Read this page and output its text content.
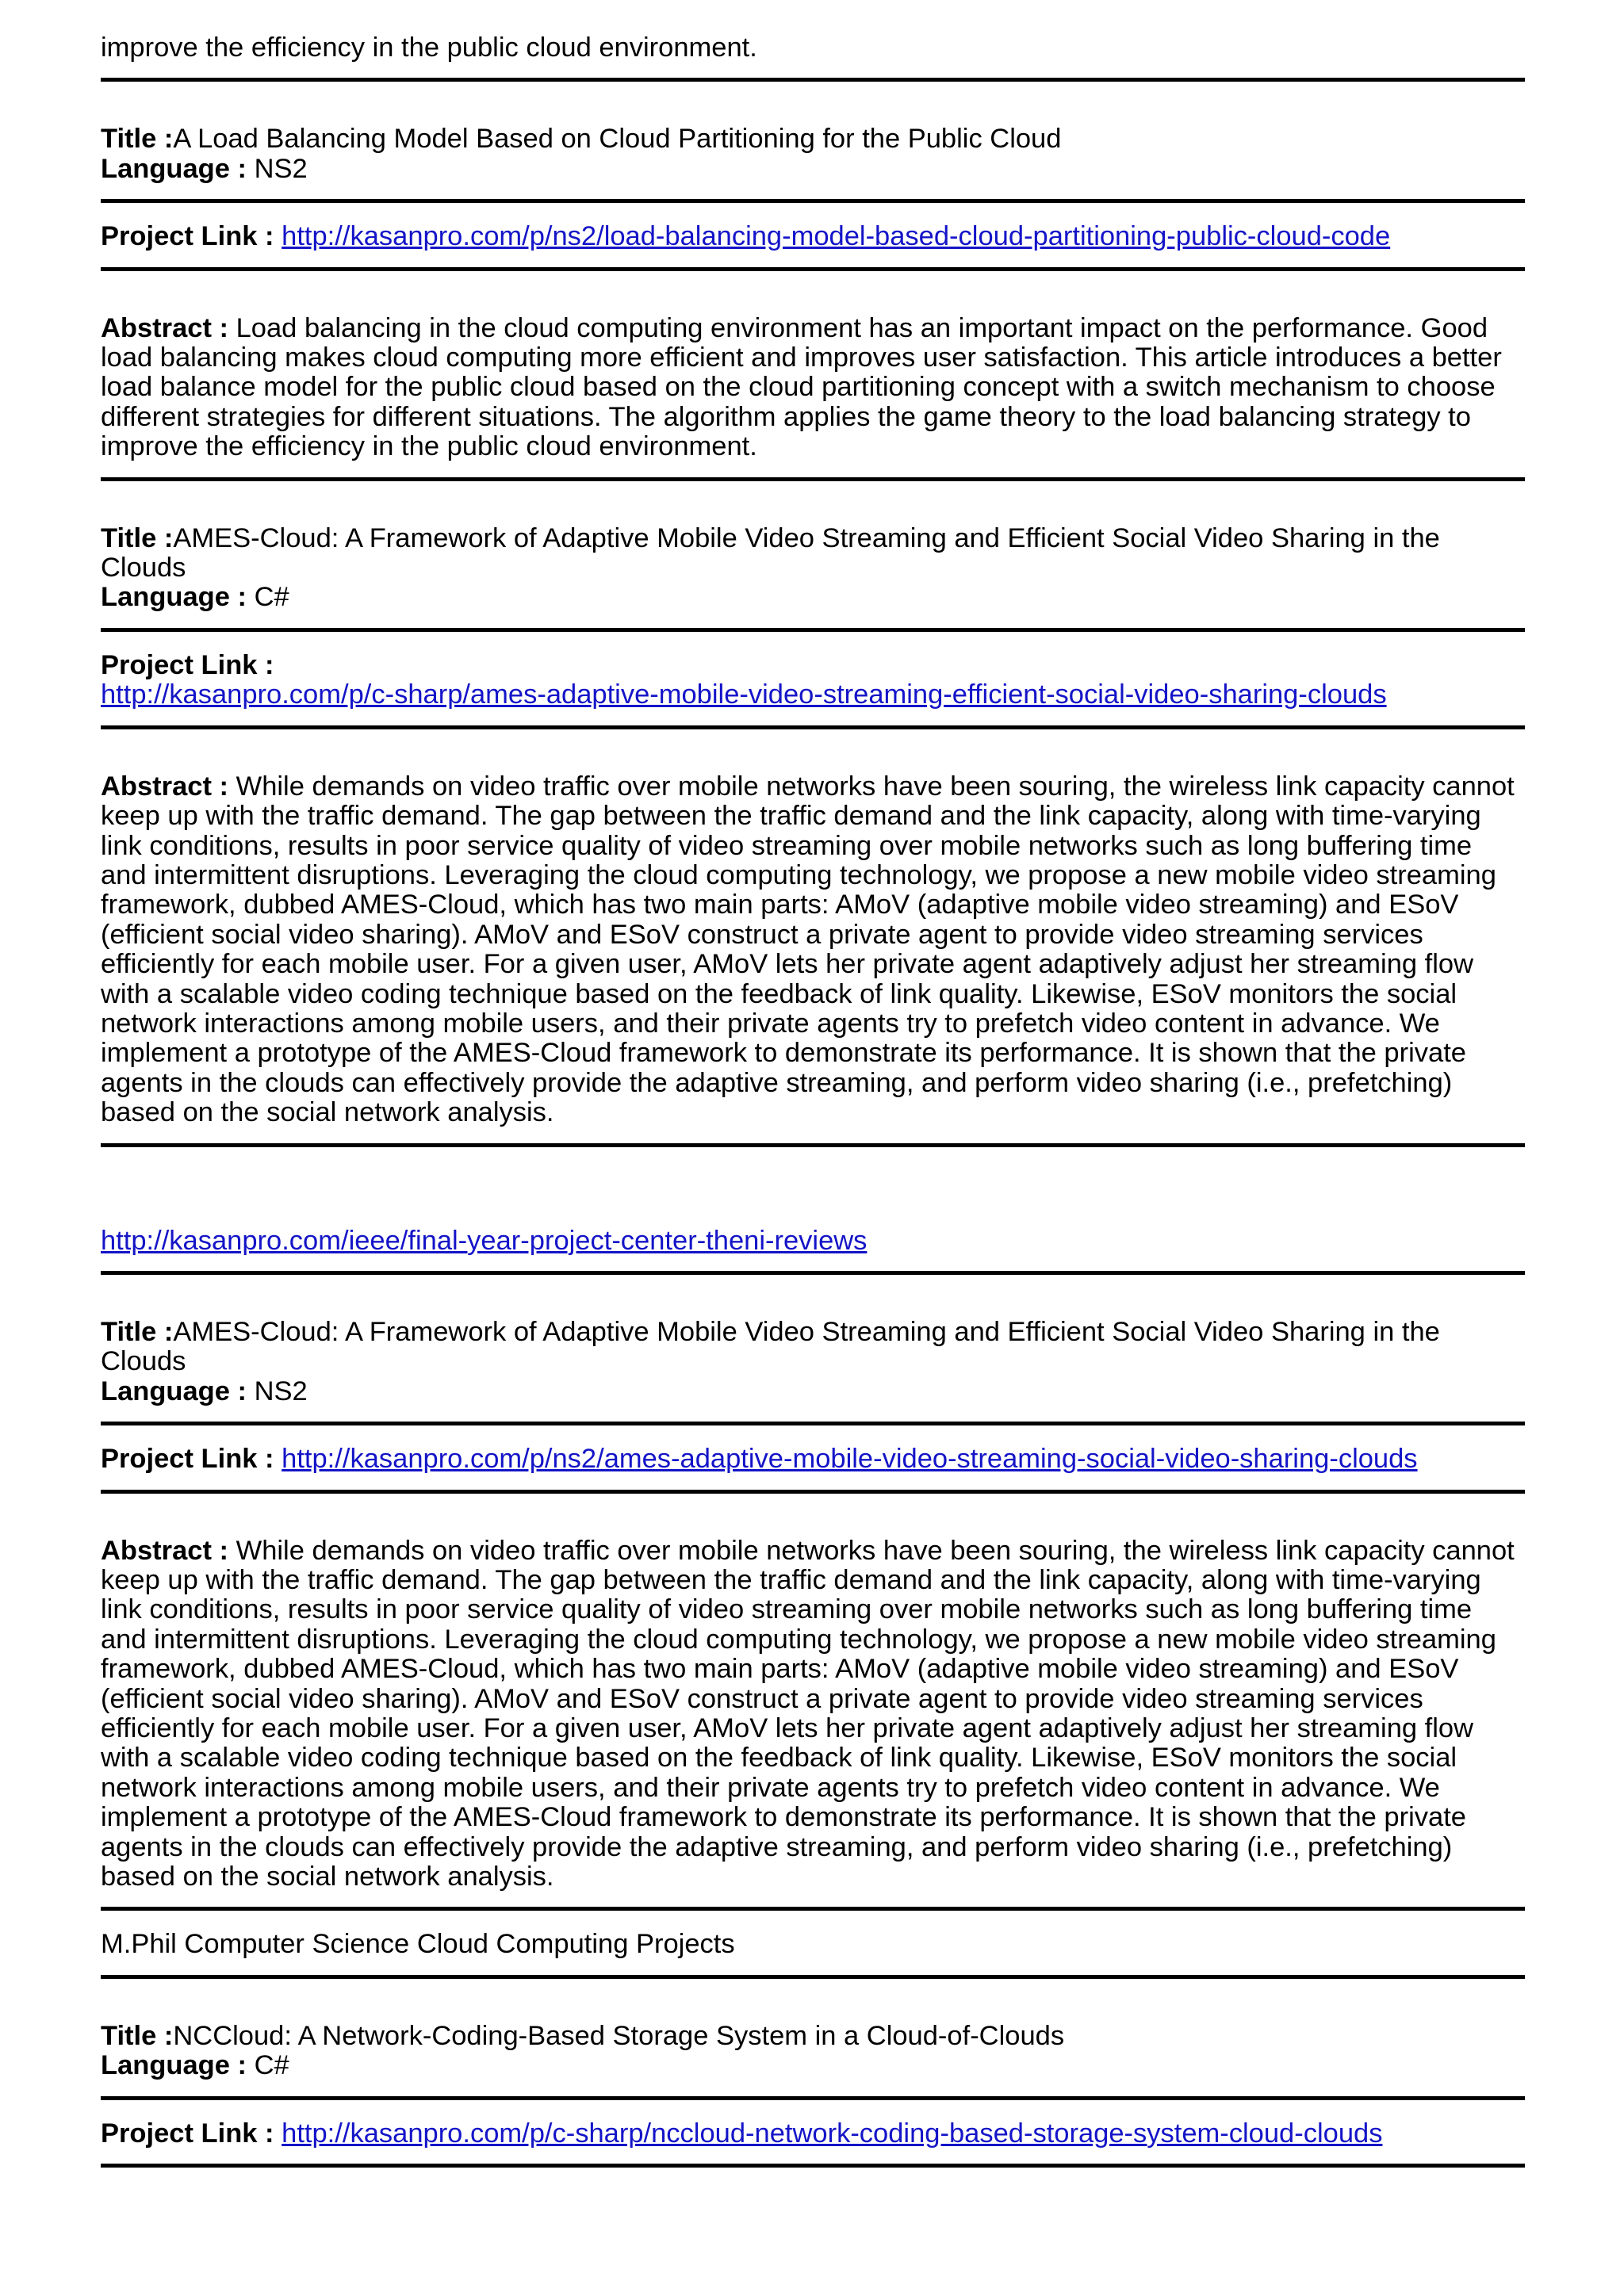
improve the efficiency in the public cloud environment.

Title :A Load Balancing Model Based on Cloud Partitioning for the Public Cloud

Language : NS2

Project Link : http://kasanpro.com/p/ns2/load-balancing-model-based-cloud-partitioning-public-cloud-code

Abstract : Load balancing in the cloud computing environment has an important impact on the performance. Good load balancing makes cloud computing more efficient and improves user satisfaction. This article introduces a better load balance model for the public cloud based on the cloud partitioning concept with a switch mechanism to choose different strategies for different situations. The algorithm applies the game theory to the load balancing strategy to improve the efficiency in the public cloud environment.

Title :AMES-Cloud: A Framework of Adaptive Mobile Video Streaming and Efficient Social Video Sharing in the Clouds

Language : C#

Project Link :
http://kasanpro.com/p/c-sharp/ames-adaptive-mobile-video-streaming-efficient-social-video-sharing-clouds

Abstract : While demands on video traffic over mobile networks have been souring, the wireless link capacity cannot keep up with the traffic demand. The gap between the traffic demand and the link capacity, along with time-varying link conditions, results in poor service quality of video streaming over mobile networks such as long buffering time and intermittent disruptions. Leveraging the cloud computing technology, we propose a new mobile video streaming framework, dubbed AMES-Cloud, which has two main parts: AMoV (adaptive mobile video streaming) and ESoV (efficient social video sharing). AMoV and ESoV construct a private agent to provide video streaming services efficiently for each mobile user. For a given user, AMoV lets her private agent adaptively adjust her streaming flow with a scalable video coding technique based on the feedback of link quality. Likewise, ESoV monitors the social network interactions among mobile users, and their private agents try to prefetch video content in advance. We implement a prototype of the AMES-Cloud framework to demonstrate its performance. It is shown that the private agents in the clouds can effectively provide the adaptive streaming, and perform video sharing (i.e., prefetching) based on the social network analysis.

http://kasanpro.com/ieee/final-year-project-center-theni-reviews

Title :AMES-Cloud: A Framework of Adaptive Mobile Video Streaming and Efficient Social Video Sharing in the Clouds

Language : NS2

Project Link : http://kasanpro.com/p/ns2/ames-adaptive-mobile-video-streaming-social-video-sharing-clouds

Abstract : While demands on video traffic over mobile networks have been souring, the wireless link capacity cannot keep up with the traffic demand. The gap between the traffic demand and the link capacity, along with time-varying link conditions, results in poor service quality of video streaming over mobile networks such as long buffering time and intermittent disruptions. Leveraging the cloud computing technology, we propose a new mobile video streaming framework, dubbed AMES-Cloud, which has two main parts: AMoV (adaptive mobile video streaming) and ESoV (efficient social video sharing). AMoV and ESoV construct a private agent to provide video streaming services efficiently for each mobile user. For a given user, AMoV lets her private agent adaptively adjust her streaming flow with a scalable video coding technique based on the feedback of link quality. Likewise, ESoV monitors the social network interactions among mobile users, and their private agents try to prefetch video content in advance. We implement a prototype of the AMES-Cloud framework to demonstrate its performance. It is shown that the private agents in the clouds can effectively provide the adaptive streaming, and perform video sharing (i.e., prefetching) based on the social network analysis.

M.Phil Computer Science Cloud Computing Projects

Title :NCCloud: A Network-Coding-Based Storage System in a Cloud-of-Clouds

Language : C#

Project Link : http://kasanpro.com/p/c-sharp/nccloud-network-coding-based-storage-system-cloud-clouds
